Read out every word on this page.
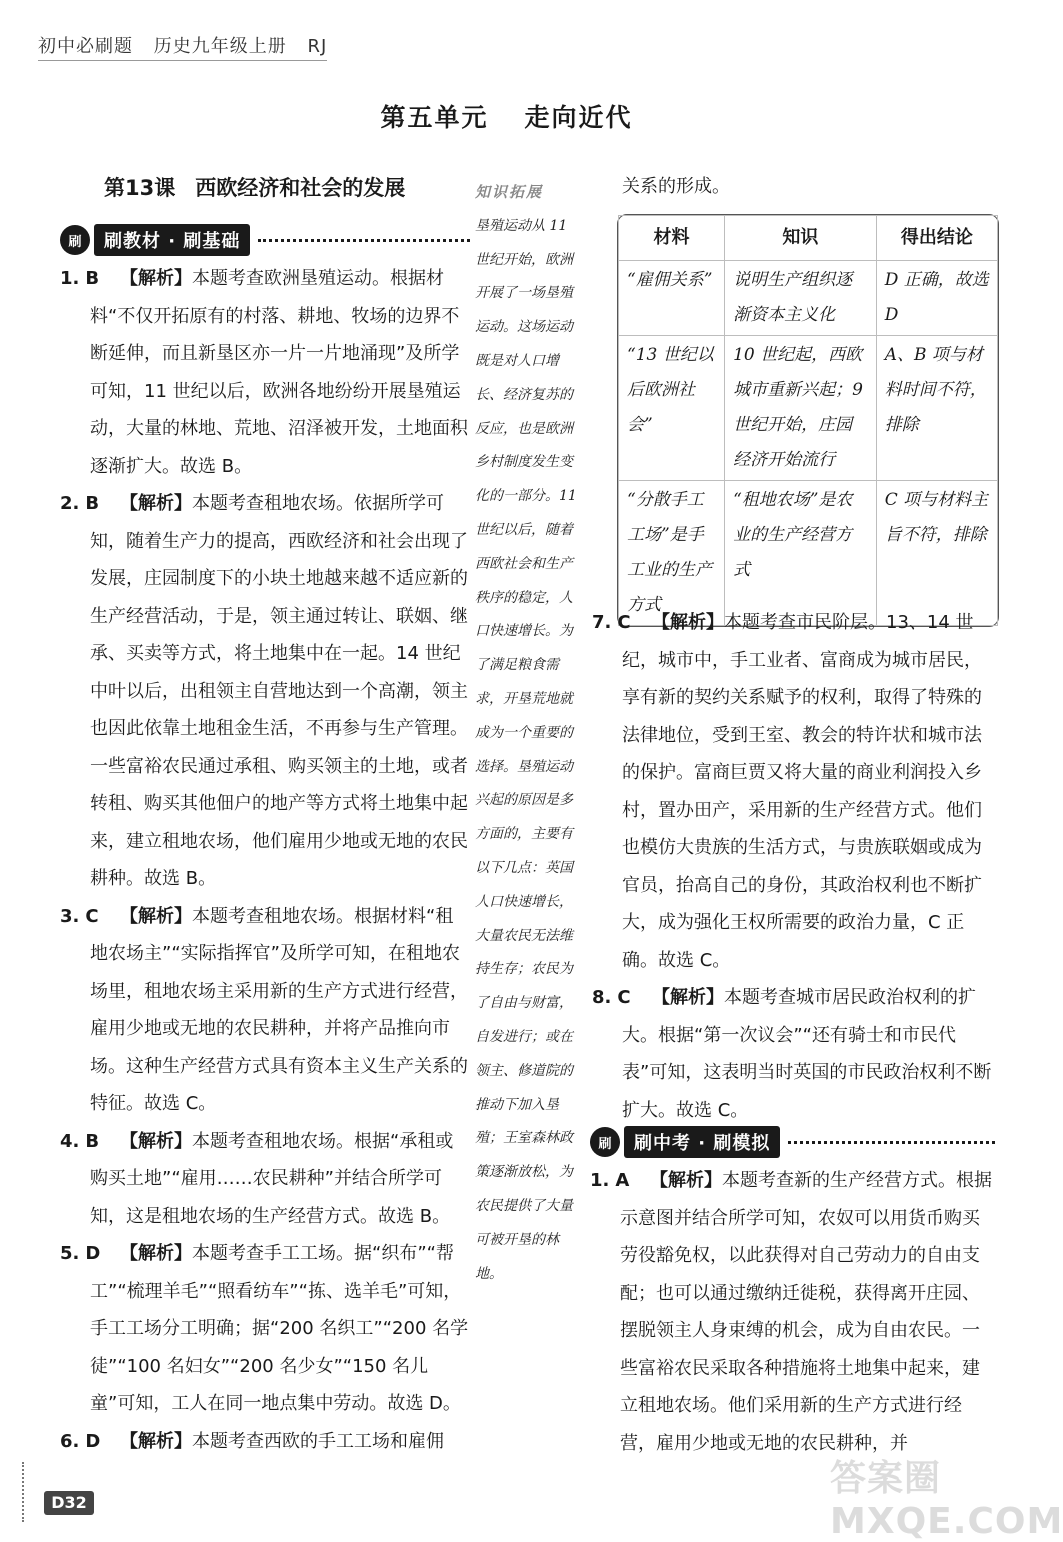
初中必刷题 历史九年级上册 RJ
第五单元 走向近代
第13课 西欧经济和社会的发展
刷	刷教材 · 刷基础
1. B 【解析】本题考查欧洲垦殖运动。根据材料“不仅开拓原有的村落、耕地、牧场的边界不断延伸，而且新垦区亦一片一片地涌现”及所学可知，11 世纪以后，欧洲各地纷纷开展垦殖运动，大量的林地、荒地、沼泽被开发，土地面积逐渐扩大。故选 B。
2. B 【解析】本题考查租地农场。依据所学可知，随着生产力的提高，西欧经济和社会出现了发展，庄园制度下的小块土地越来越不适应新的生产经营活动，于是，领主通过转让、联姻、继承、买卖等方式，将土地集中在一起。14 世纪中叶以后，出租领主自营地达到一个高潮，领主也因此依靠土地租金生活，不再参与生产管理。一些富裕农民通过承租、购买领主的土地，或者转租、购买其他佃户的地产等方式将土地集中起来，建立租地农场，他们雇用少地或无地的农民耕种。故选 B。
3. C 【解析】本题考查租地农场。根据材料“租地农场主”“实际指挥官”及所学可知，在租地农场里，租地农场主采用新的生产方式进行经营，雇用少地或无地的农民耕种，并将产品推向市场。这种生产经营方式具有资本主义生产关系的特征。故选 C。
4. B 【解析】本题考查租地农场。根据“承租或购买土地”“雇用……农民耕种”并结合所学可知，这是租地农场的生产经营方式。故选 B。
5. D 【解析】本题考查手工工场。据“织布”“帮工”“梳理羊毛”“照看纺车”“拣、选羊毛”可知，手工工场分工明确；据“200 名织工”“200 名学徒”“100 名妇女”“200 名少女”“150 名儿童”可知，工人在同一地点集中劳动。故选 D。
6. D 【解析】本题考查西欧的手工工场和雇佣
知识拓展
垦殖运动从 11 世纪开始，欧洲开展了一场垦殖运动。这场运动既是对人口增长、经济复苏的反应，也是欧洲乡村制度发生变化的一部分。11 世纪以后，随着西欧社会和生产秩序的稳定，人口快速增长。为了满足粮食需求，开垦荒地就成为一个重要的选择。垦殖运动兴起的原因是多方面的，主要有以下几点：英国人口快速增长，大量农民无法维持生存；农民为了自由与财富，自发进行；或在领主、修道院的推动下加入垦殖；王室森林政策逐渐放松，为农民提供了大量可被开垦的林地。
关系的形成。
材料	知识	得出结论
“雇佣关系”	说明生产组织逐渐资本主义化	D 正确，故选 D
“13 世纪以后欧洲社会”	10 世纪起，西欧城市重新兴起；9 世纪开始，庄园经济开始流行	A、B 项与材料时间不符，排除
“分散手工工场”是手工业的生产方式	“租地农场”是农业的生产经营方式	C 项与材料主旨不符，排除
7. C 【解析】本题考查市民阶层。13、14 世纪，城市中，手工业者、富商成为城市居民，享有新的契约关系赋予的权利，取得了特殊的法律地位，受到王室、教会的特许状和城市法的保护。富商巨贾又将大量的商业利润投入乡村，置办田产，采用新的生产经营方式。他们也模仿大贵族的生活方式，与贵族联姻或成为官员，抬高自己的身份，其政治权利也不断扩大，成为强化王权所需要的政治力量，C 正确。故选 C。
8. C 【解析】本题考查城市居民政治权利的扩大。根据“第一次议会”“还有骑士和市民代表”可知，这表明当时英国的市民政治权利不断扩大。故选 C。
刷	刷中考 · 刷模拟
1. A 【解析】本题考查新的生产经营方式。根据示意图并结合所学可知，农奴可以用货币购买劳役豁免权，以此获得对自己劳动力的自由支配；也可以通过缴纳迁徙税，获得离开庄园、摆脱领主人身束缚的机会，成为自由农民。一些富裕农民采取各种措施将土地集中起来，建立租地农场。他们采用新的生产方式进行经营，雇用少地或无地的农民耕种，并
D32
答案圈 MXQE.COM
